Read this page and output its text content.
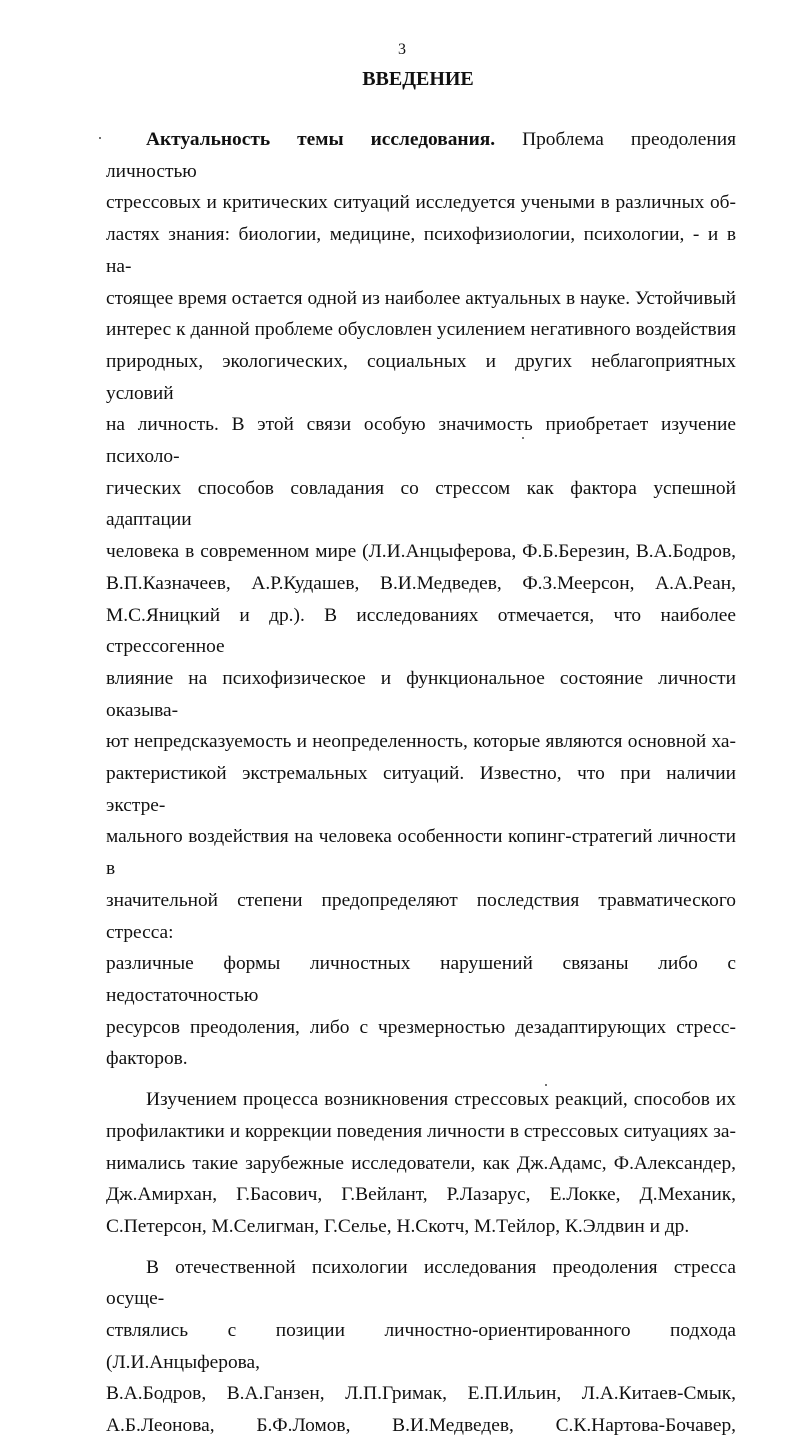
3
ВВЕДЕНИЕ
Актуальность темы исследования. Проблема преодоления личностью
стрессовых и критических ситуаций исследуется учеными в различных об-
ластях знания: биологии, медицине, психофизиологии, психологии, - и в на-
стоящее время остается одной из наиболее актуальных в науке. Устойчивый
интерес к данной проблеме обусловлен усилением негативного воздействия
природных, экологических, социальных и других неблагоприятных условий
на личность. В этой связи особую значимость приобретает изучение психоло-
гических способов совладания со стрессом как фактора успешной адаптации
человека в современном мире (Л.И.Анцыферова, Ф.Б.Березин, В.А.Бодров,
В.П.Казначеев, А.Р.Кудашев, В.И.Медведев, Ф.З.Меерсон, А.А.Реан,
М.С.Яницкий и др.). В исследованиях отмечается, что наиболее стрессогенное
влияние на психофизическое и функциональное состояние личности оказыва-
ют непредсказуемость и неопределенность, которые являются основной ха-
рактеристикой экстремальных ситуаций. Известно, что при наличии экстре-
мального воздействия на человека особенности копинг-стратегий личности в
значительной степени предопределяют последствия травматического стресса:
различные формы личностных нарушений связаны либо с недостаточностью
ресурсов преодоления, либо с чрезмерностью дезадаптирующих стресс-
факторов.
Изучением процесса возникновения стрессовых реакций, способов их
профилактики и коррекции поведения личности в стрессовых ситуациях за-
нимались такие зарубежные исследователи, как Дж.Адамс, Ф.Александер,
Дж.Амирхан, Г.Басович, Г.Вейлант, Р.Лазарус, Е.Локке, Д.Механик,
С.Петерсон, М.Селигман, Г.Селье, Н.Скотч, М.Тейлор, К.Элдвин и др.
В отечественной психологии исследования преодоления стресса осуще-
ствлялись с позиции личностно-ориентированного подхода (Л.И.Анцыферова,
В.А.Бодров, В.А.Ганзен, Л.П.Гримак, Е.П.Ильин, Л.А.Китаев-Смык,
А.Б.Леонова, Б.Ф.Ломов, В.И.Медведев, С.К.Нартова-Бочавер,
